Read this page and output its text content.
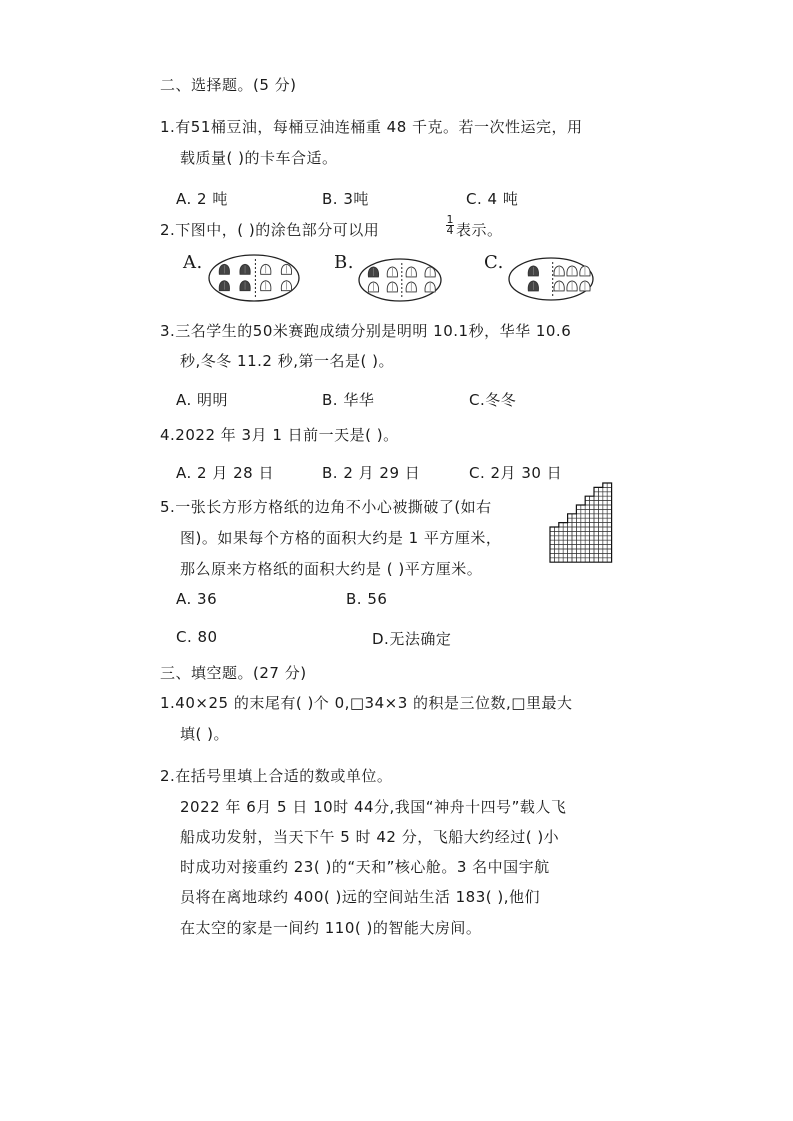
二、选择题。(5 分)
1.有51桶豆油，每桶豆油连桶重 48 千克。若一次性运完，用
载质量( )的卡车合适。
A. 2 吨	B. 3吨	C. 4 吨
2.下图中，( )的涂色部分可以用
1
4 表示。
A.	B.	C.
3.三名学生的50米赛跑成绩分别是明明 10.1秒，华华 10.6
秒,冬冬 11.2 秒,第一名是( )。
A. 明明	B. 华华	C.冬冬
4.2022 年 3月 1 日前一天是( )。
A. 2 月 28 日	B. 2 月 29 日	C. 2月 30 日
5.一张长方形方格纸的边角不小心被撕破了(如右
图)。如果每个方格的面积大约是 1 平方厘米，
那么原来方格纸的面积大约是 ( )平方厘米。
A. 36	B. 56
C. 80	D.无法确定
三、填空题。(27 分)
1.40×25 的末尾有( )个 0,□34×3 的积是三位数,□里最大
填( )。
2.在括号里填上合适的数或单位。
2022 年 6月 5 日 10时 44分,我国“神舟十四号”载人飞
船成功发射，当天下午 5 时 42 分，飞船大约经过( )小
时成功对接重约 23( )的“天和”核心舱。3 名中国宇航
员将在离地球约 400( )远的空间站生活 183( ),他们
在太空的家是一间约 110( )的智能大房间。
